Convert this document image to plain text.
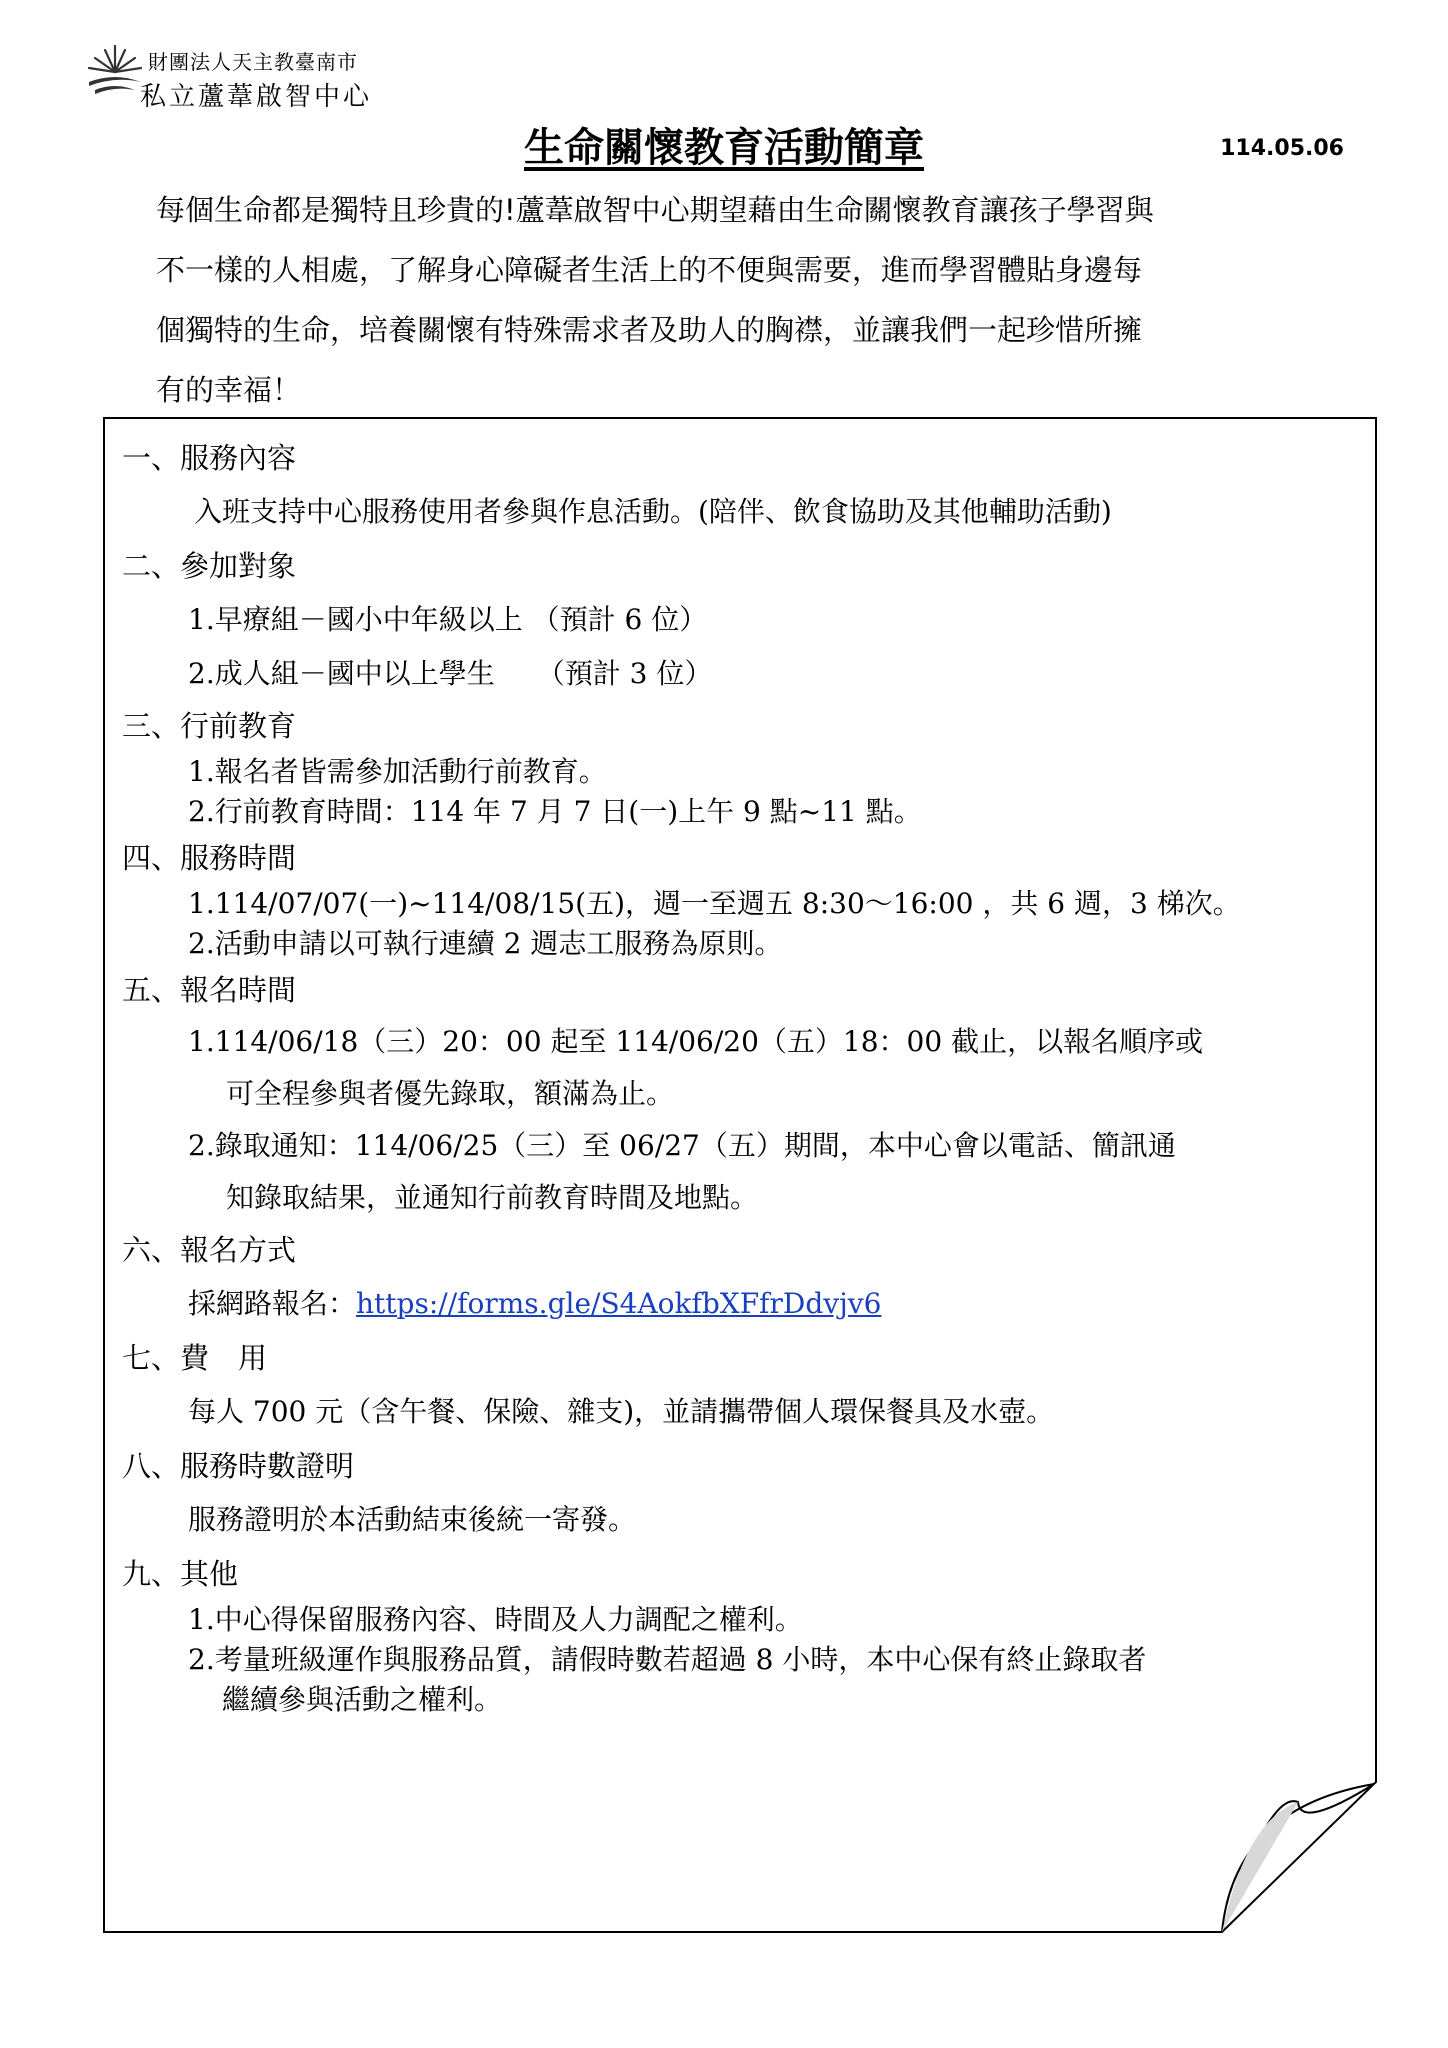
財團法人天主教臺南市
私立蘆葦啟智中心
生命關懷教育活動簡章	114.05.06
每個生命都是獨特且珍貴的!蘆葦啟智中心期望藉由生命關懷教育讓孩子學習與
不一樣的人相處，了解身心障礙者生活上的不便與需要，進而學習體貼身邊每
個獨特的生命，培養關懷有特殊需求者及助人的胸襟，並讓我們一起珍惜所擁
有的幸福！
一、服務內容
入班支持中心服務使用者參與作息活動。(陪伴、飲食協助及其他輔助活動)
二、參加對象
1.早療組－國小中年級以上 （預計 6 位）
2.成人組－國中以上學生　　（預計 3 位）
三、行前教育
1.報名者皆需參加活動行前教育。
2.行前教育時間：114 年 7 月 7 日(一)上午 9 點~11 點。
四、服務時間
1.114/07/07(一)~114/08/15(五)，週一至週五 8:30～16:00 ，共 6 週，3 梯次。
2.活動申請以可執行連續 2 週志工服務為原則。
五、報名時間
1.114/06/18（三）20：00 起至 114/06/20（五）18：00 截止，以報名順序或
可全程參與者優先錄取，額滿為止。
2.錄取通知：114/06/25（三）至 06/27（五）期間，本中心會以電話、簡訊通
知錄取結果，並通知行前教育時間及地點。
六、報名方式
採網路報名：https://forms.gle/S4AokfbXFfrDdvjv6
七、費　用
每人 700 元（含午餐、保險、雜支)，並請攜帶個人環保餐具及水壺。
八、服務時數證明
服務證明於本活動結束後統一寄發。
九、其他
1.中心得保留服務內容、時間及人力調配之權利。
2.考量班級運作與服務品質，請假時數若超過 8 小時，本中心保有終止錄取者
繼續參與活動之權利。
